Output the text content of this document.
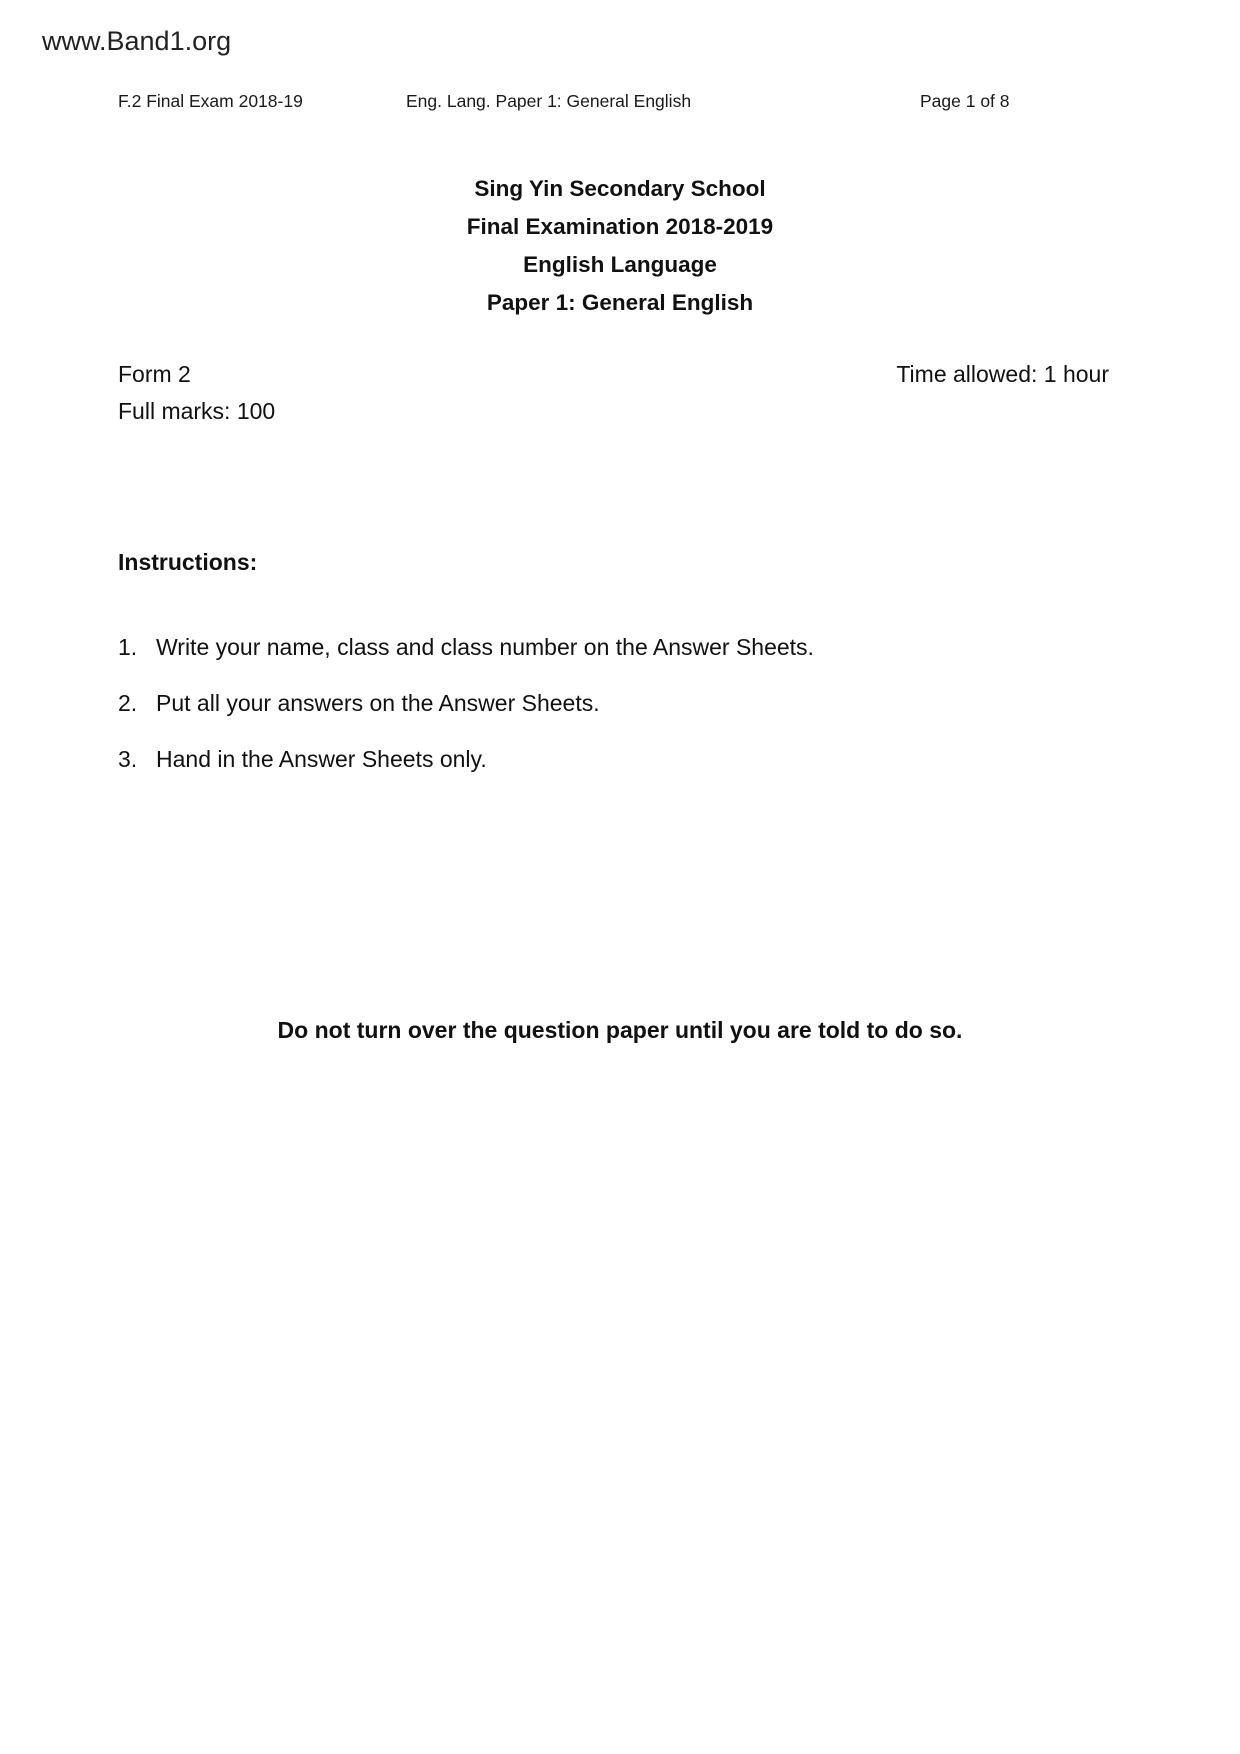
www.Band1.org
F.2 Final Exam 2018-19	Eng. Lang. Paper 1: General English	Page 1 of 8
Sing Yin Secondary School
Final Examination 2018-2019
English Language
Paper 1: General English
Form 2
Full marks: 100
Time allowed: 1 hour
Instructions:
1. Write your name, class and class number on the Answer Sheets.
2. Put all your answers on the Answer Sheets.
3. Hand in the Answer Sheets only.
Do not turn over the question paper until you are told to do so.
